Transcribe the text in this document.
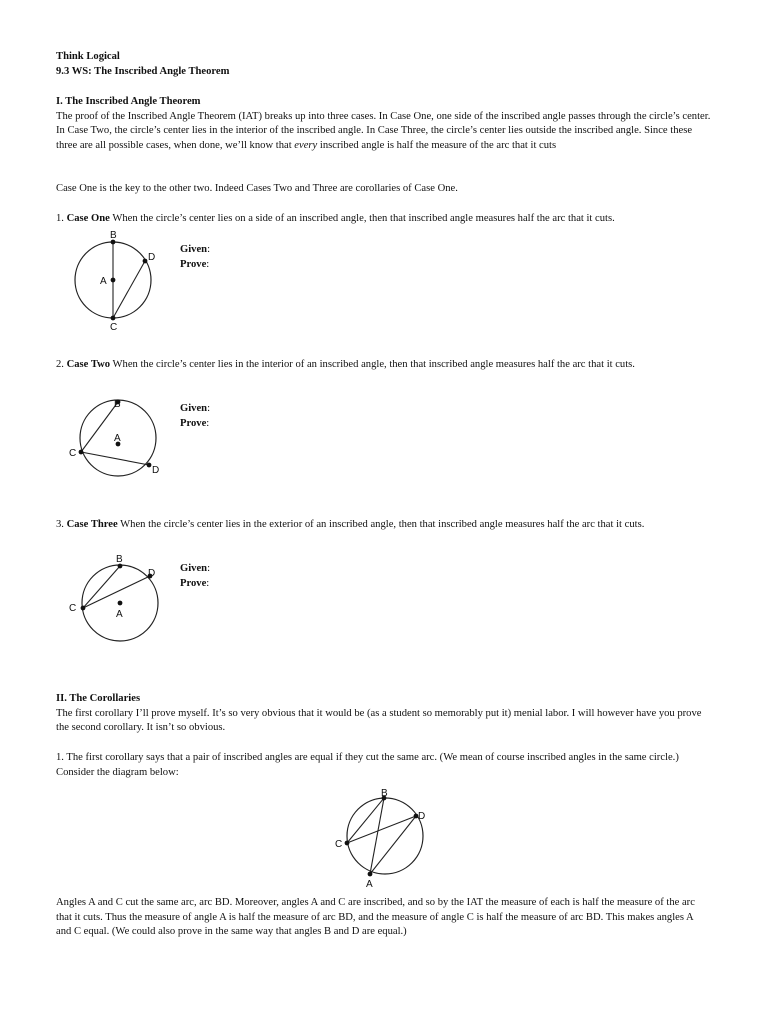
Think Logical
9.3 WS: The Inscribed Angle Theorem
I. The Inscribed Angle Theorem

The proof of the Inscribed Angle Theorem (IAT) breaks up into three cases. In Case One, one side of the inscribed angle passes through the circle’s center. In Case Two, the circle’s center lies in the interior of the inscribed angle. In Case Three, the circle’s center lies outside the inscribed angle. Since these three are all possible cases, when done, we’ll know that every inscribed angle is half the measure of the arc that it cuts

Case One is the key to the other two. Indeed Cases Two and Three are corollaries of Case One.

1. Case One When the circle’s center lies on a side of an inscribed angle, then that inscribed angle measures half the arc that it cuts.

B
D
A
C
Given:
Prove:

2. Case Two When the circle’s center lies in the interior of an inscribed angle, then that inscribed angle measures half the arc that it cuts.

B
A
C
D
Given:
Prove:

3. Case Three When the circle’s center lies in the exterior of an inscribed angle, then that inscribed angle measures half the arc that it cuts.

B
D
C
A
Given:
Prove:
II. The Corollaries

The first corollary I’ll prove myself. It’s so very obvious that it would be (as a student so memorably put it) menial labor. I will however have you prove the second corollary. It isn’t so obvious.

1. The first corollary says that a pair of inscribed angles are equal if they cut the same arc. (We mean of course inscribed angles in the same circle.) Consider the diagram below:

B
D
C
A

Angles A and C cut the same arc, arc BD. Moreover, angles A and C are inscribed, and so by the IAT the measure of each is half the measure of the arc that it cuts. Thus the measure of angle A is half the measure of arc BD, and the measure of angle C is half the measure of arc BD. This makes angles A and C equal. (We could also prove in the same way that angles B and D are equal.)
